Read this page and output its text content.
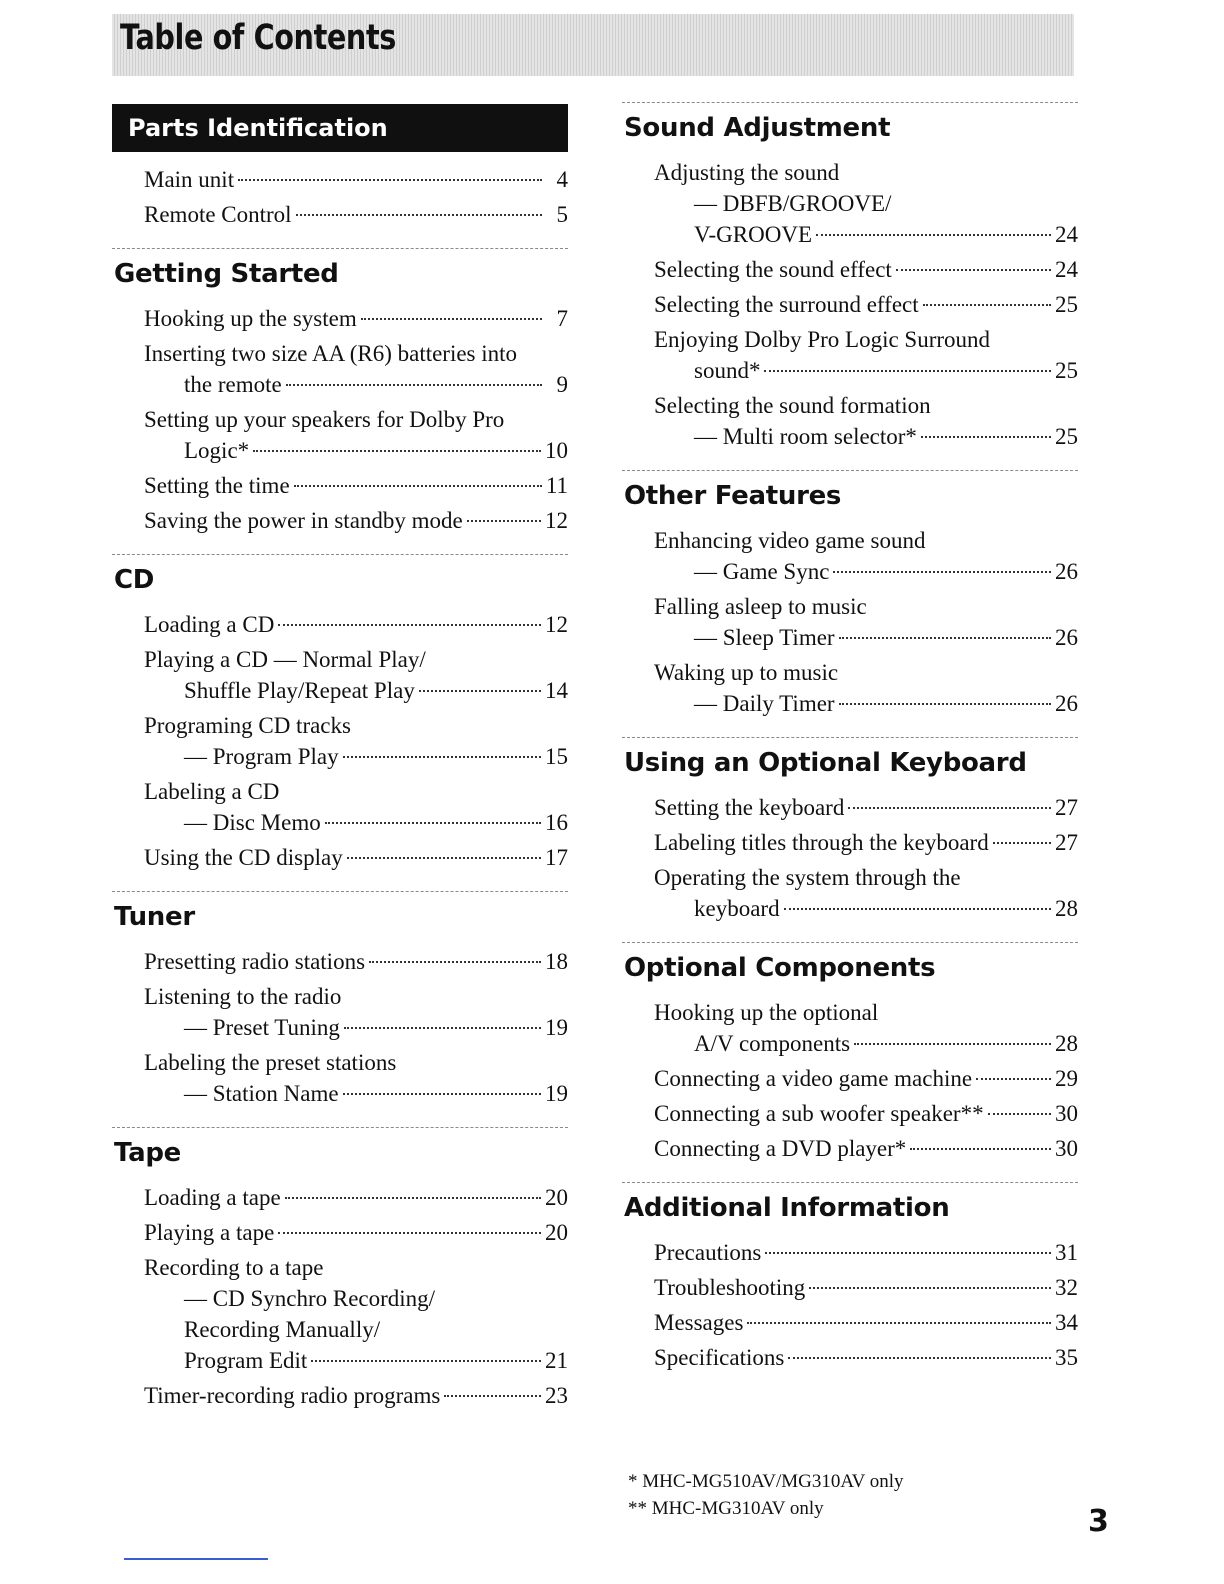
Table of Contents
Parts Identification
Main unit	4
Remote Control	5
Getting Started
Hooking up the system	7
Inserting two size AA (R6) batteries into
the remote	9
Setting up your speakers for Dolby Pro
Logic*	10
Setting the time	11
Saving the power in standby mode	12
CD
Loading a CD	12
Playing a CD — Normal Play/
Shuffle Play/Repeat Play	14
Programing CD tracks
— Program Play	15
Labeling a CD
— Disc Memo	16
Using the CD display	17
Tuner
Presetting radio stations	18
Listening to the radio
— Preset Tuning	19
Labeling the preset stations
— Station Name	19
Tape
Loading a tape	20
Playing a tape	20
Recording to a tape
— CD Synchro Recording/
Recording Manually/
Program Edit	21
Timer-recording radio programs	23
Sound Adjustment
Adjusting the sound
— DBFB/GROOVE/
V-GROOVE	24
Selecting the sound effect	24
Selecting the surround effect	25
Enjoying Dolby Pro Logic Surround
sound*	25
Selecting the sound formation
— Multi room selector*	25
Other Features
Enhancing video game sound
— Game Sync	26
Falling asleep to music
— Sleep Timer	26
Waking up to music
— Daily Timer	26
Using an Optional Keyboard
Setting the keyboard	27
Labeling titles through the keyboard	27
Operating the system through the
keyboard	28
Optional Components
Hooking up the optional
A/V components	28
Connecting a video game machine	29
Connecting a sub woofer speaker**	30
Connecting a DVD player*	30
Additional Information
Precautions	31
Troubleshooting	32
Messages	34
Specifications	35
* MHC-MG510AV/MG310AV only
** MHC-MG310AV only	3
